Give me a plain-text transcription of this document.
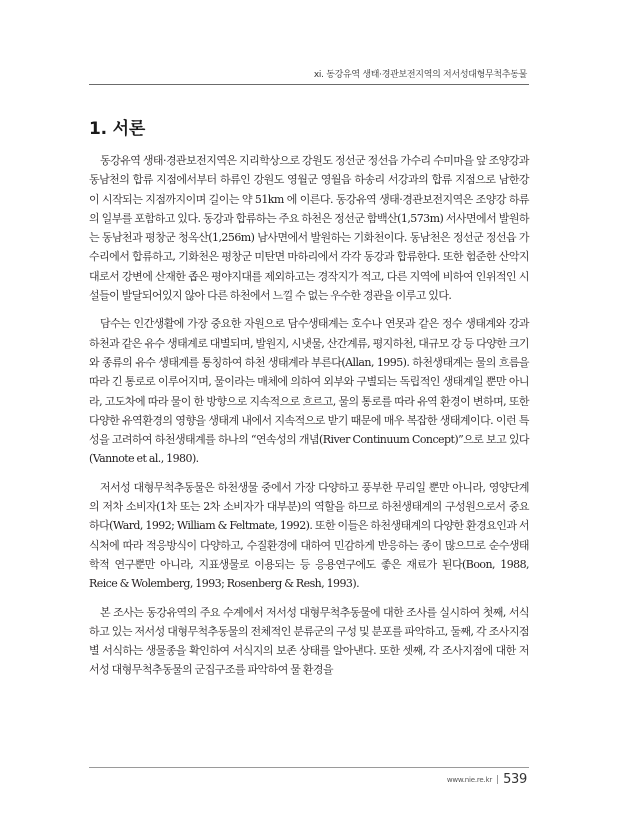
xi. 동강유역 생태·경관보전지역의 저서성대형무척추동물
1. 서론

동강유역 생태·경관보전지역은 지리학상으로 강원도 정선군 정선읍 가수리 수미마을 앞 조양강과 동남천의 합류 지점에서부터 하류인 강원도 영월군 영월읍 하송리 서강과의 합류 지점으로 남한강이 시작되는 지점까지이며 길이는 약 51km 에 이른다. 동강유역 생태·경관보전지역은 조양강 하류의 일부를 포함하고 있다. 동강과 합류하는 주요 하천은 정선군 함백산(1,573m) 서사면에서 발원하는 동남천과 평창군 청옥산(1,256m) 남사면에서 발원하는 기화천이다. 동남천은 정선군 정선읍 가수리에서 합류하고, 기화천은 평창군 미탄면 마하리에서 각각 동강과 합류한다. 또한 험준한 산악지대로서 강변에 산재한 좁은 평야지대를 제외하고는 경작지가 적고, 다른 지역에 비하여 인위적인 시설들이 발달되어있지 않아 다른 하천에서 느낄 수 없는 우수한 경관을 이루고 있다.

담수는 인간생활에 가장 중요한 자원으로 담수생태계는 호수나 연못과 같은 정수 생태계와 강과 하천과 같은 유수 생태계로 대별되며, 발원지, 시냇물, 산간계류, 평지하천, 대규모 강 등 다양한 크기와 종류의 유수 생태계를 통칭하여 하천 생태계라 부른다(Allan, 1995). 하천생태계는 물의 흐름을 따라 긴 통로로 이루어지며, 물이라는 매체에 의하여 외부와 구별되는 독립적인 생태계일 뿐만 아니라, 고도차에 따라 물이 한 방향으로 지속적으로 흐르고, 물의 통로를 따라 유역 환경이 변하며, 또한 다양한 유역환경의 영향을 생태계 내에서 지속적으로 받기 때문에 매우 복잡한 생태계이다. 이런 특성을 고려하여 하천생태계를 하나의 “연속성의 개념(River Continuum Concept)”으로 보고 있다(Vannote et al., 1980).

저서성 대형무척추동물은 하천생물 중에서 가장 다양하고 풍부한 무리일 뿐만 아니라, 영양단계의 저차 소비자(1차 또는 2차 소비자가 대부분)의 역할을 하므로 하천생태계의 구성원으로서 중요하다(Ward, 1992; William & Feltmate, 1992). 또한 이들은 하천생태계의 다양한 환경요인과 서식처에 따라 적응방식이 다양하고, 수질환경에 대하여 민감하게 반응하는 종이 많으므로 순수생태학적 연구뿐만 아니라, 지표생물로 이용되는 등 응용연구에도 좋은 재료가 된다(Boon, 1988, Reice & Wolemberg, 1993; Rosenberg & Resh, 1993).

본 조사는 동강유역의 주요 수계에서 저서성 대형무척추동물에 대한 조사를 실시하여 첫째, 서식하고 있는 저서성 대형무척추동물의 전체적인 분류군의 구성 및 분포를 파악하고, 둘째, 각 조사지점별 서식하는 생물종을 확인하여 서식지의 보존 상태를 알아낸다. 또한 셋째, 각 조사지점에 대한 저서성 대형무척추동물의 군집구조를 파악하여 물 환경을

www.nie.re.kr 539
